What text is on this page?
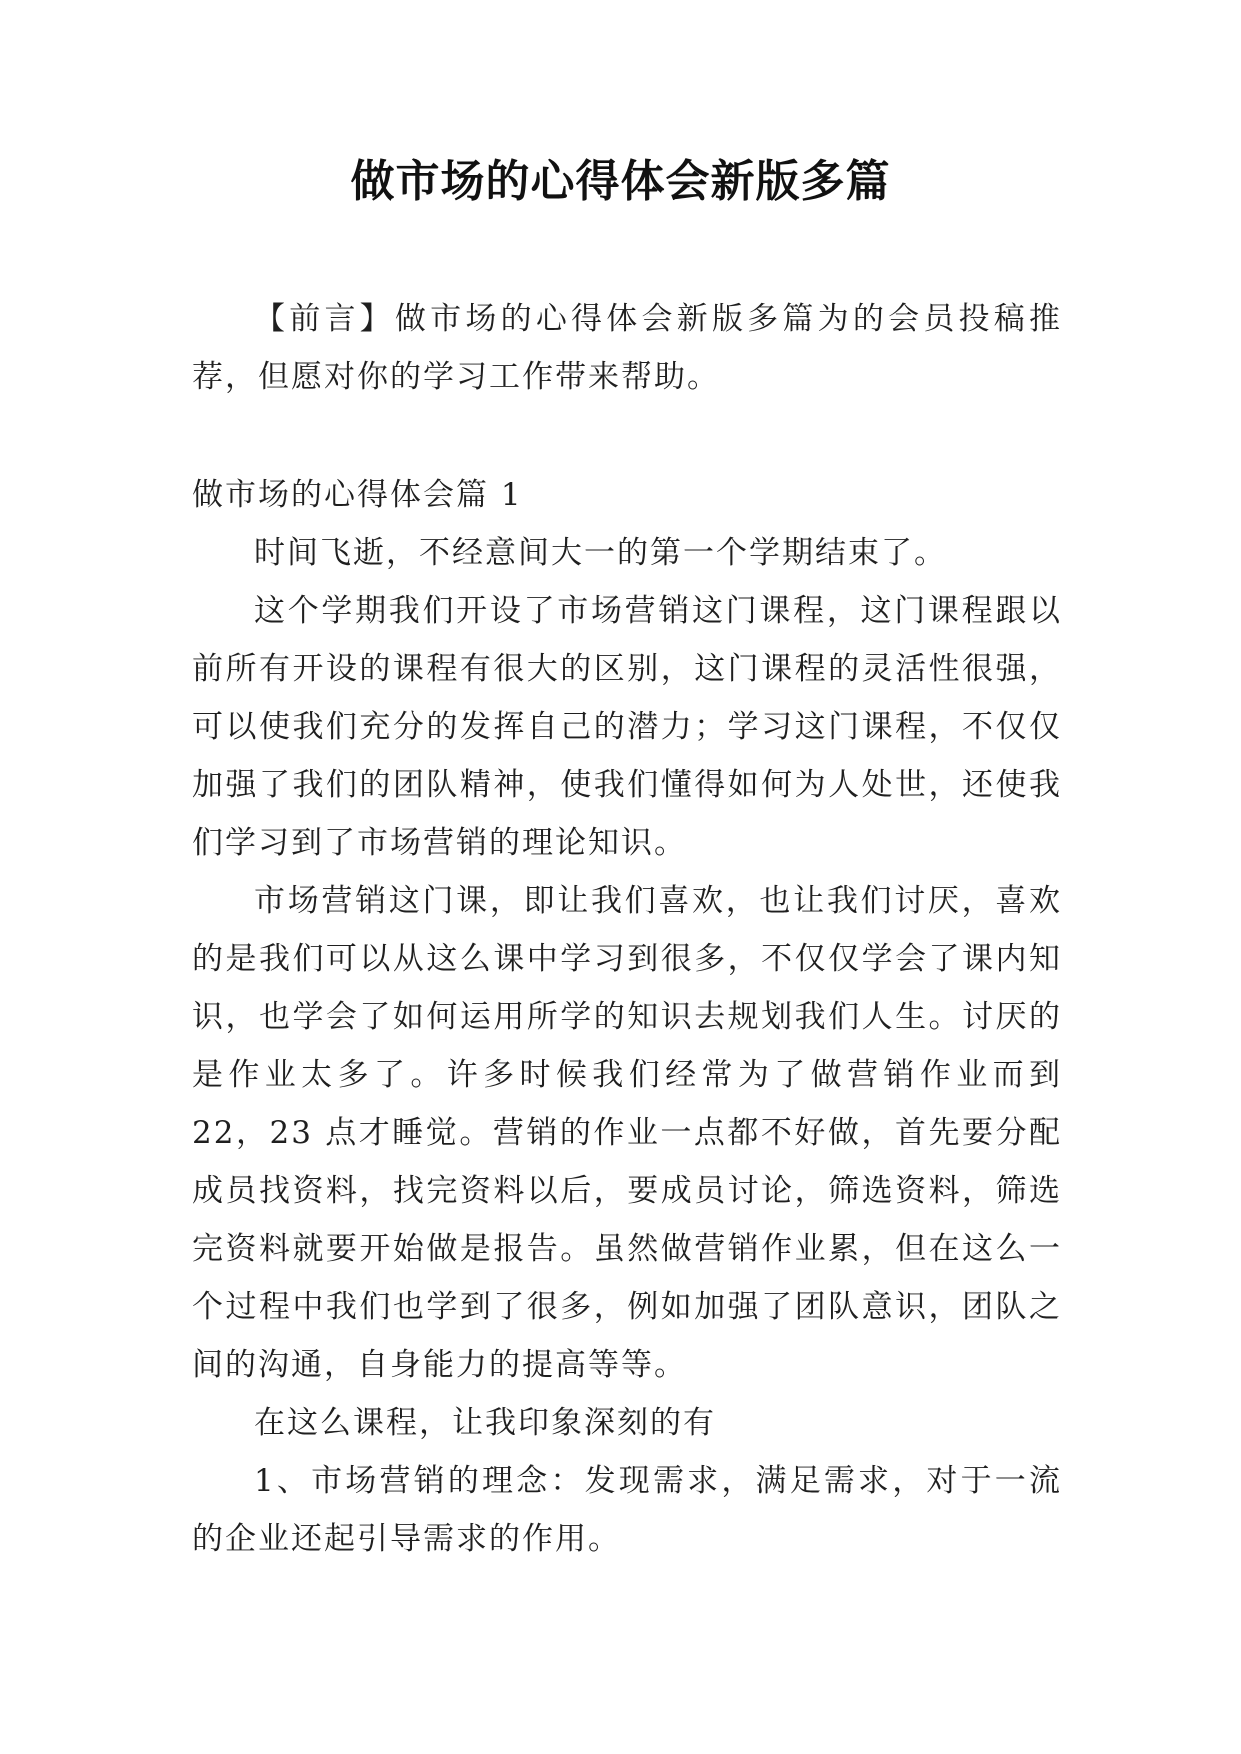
做市场的心得体会新版多篇

【前言】做市场的心得体会新版多篇为的会员投稿推荐，但愿对你的学习工作带来帮助。

做市场的心得体会篇 1

时间飞逝，不经意间大一的第一个学期结束了。

这个学期我们开设了市场营销这门课程，这门课程跟以前所有开设的课程有很大的区别，这门课程的灵活性很强，可以使我们充分的发挥自己的潜力；学习这门课程，不仅仅加强了我们的团队精神，使我们懂得如何为人处世，还使我们学习到了市场营销的理论知识。

市场营销这门课，即让我们喜欢，也让我们讨厌，喜欢的是我们可以从这么课中学习到很多，不仅仅学会了课内知识，也学会了如何运用所学的知识去规划我们人生。讨厌的是作业太多了。许多时候我们经常为了做营销作业而到 22，23 点才睡觉。营销的作业一点都不好做，首先要分配成员找资料，找完资料以后，要成员讨论，筛选资料，筛选完资料就要开始做是报告。虽然做营销作业累，但在这么一个过程中我们也学到了很多，例如加强了团队意识，团队之间的沟通，自身能力的提高等等。

在这么课程，让我印象深刻的有

1、市场营销的理念：发现需求，满足需求，对于一流的企业还起引导需求的作用。
